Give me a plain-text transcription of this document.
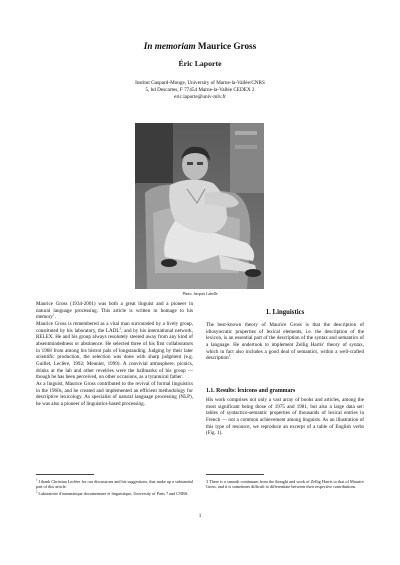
In memoriam Maurice Gross
Éric Laporte
Institut Gaspard-Monge, University of Marne-la-Vallée/CNRS
5, bd Descartes, F 77454 Marne-la-Vallée CEDEX 2
eric.laporte@univ-mlv.fr
Photo: Jacques Labelle

Maurice Gross (1934-2001) was both a great linguist and a pioneer in natural language processing. This article is written in homage to his memory$^1$.

Maurice Gross is remembered as a vital man surrounded by a lively group, constituted by his laboratory, the LADL$^2$, and by his international network, RELEX. He and his group always resolutely steered away from any kind of absentmindedness or abstinence. He selected three of his first collaborators in 1968 from among his bistrot pals of longstanding. Judging by their later scientific production, the selection was done with sharp judgment (e.g. Guillet, Leclère, 1992; Meunier, 1999). A convivial atmosphere, picnics, drinks at the lab and other revelries were the hallmarks of his group — though he has been perceived, on other occasions, as a tyrannical father.

As a linguist, Maurice Gross contributed to the revival of formal linguistics in the 1960s, and he created and implemented an efficient methodology for descriptive lexicology. As specialist of natural language processing (NLP), he was also a pioneer of linguistics-based processing.

1. Linguistics

The best-known theory of Maurice Gross is that the description of idiosyncratic properties of lexical elements, i.e. the description of the lexicon, is an essential part of the description of the syntax and semantics of a language. He undertook to implement Zellig Harris' theory of syntax, which in fact also includes a good deal of semantics, within a well-crafted description$^3$.

1.1. Results: lexicons and grammars

His work comprises not only a vast array of books and articles, among the most significant being those of 1975 and 1981, but also a large data set: tables of syntactico-semantic properties of thousands of lexical entries in French — not a common achievement among linguists. As an illustration of this type of resource, we reproduce an excerpt of a table of English verbs (Fig. 1).

$^1$ I thank Christian Leclère for our discussions and his suggestions, that make up a substantial part of this article.

$^2$ Laboratoire d'automatique documentaire et linguistique, University of Paris 7 and CNRS.

3 There is a smooth continuum from the thought and work of Zellig Harris to that of Maurice Gross, and it is sometimes difficult to differentiate between their respective contributions.

1
